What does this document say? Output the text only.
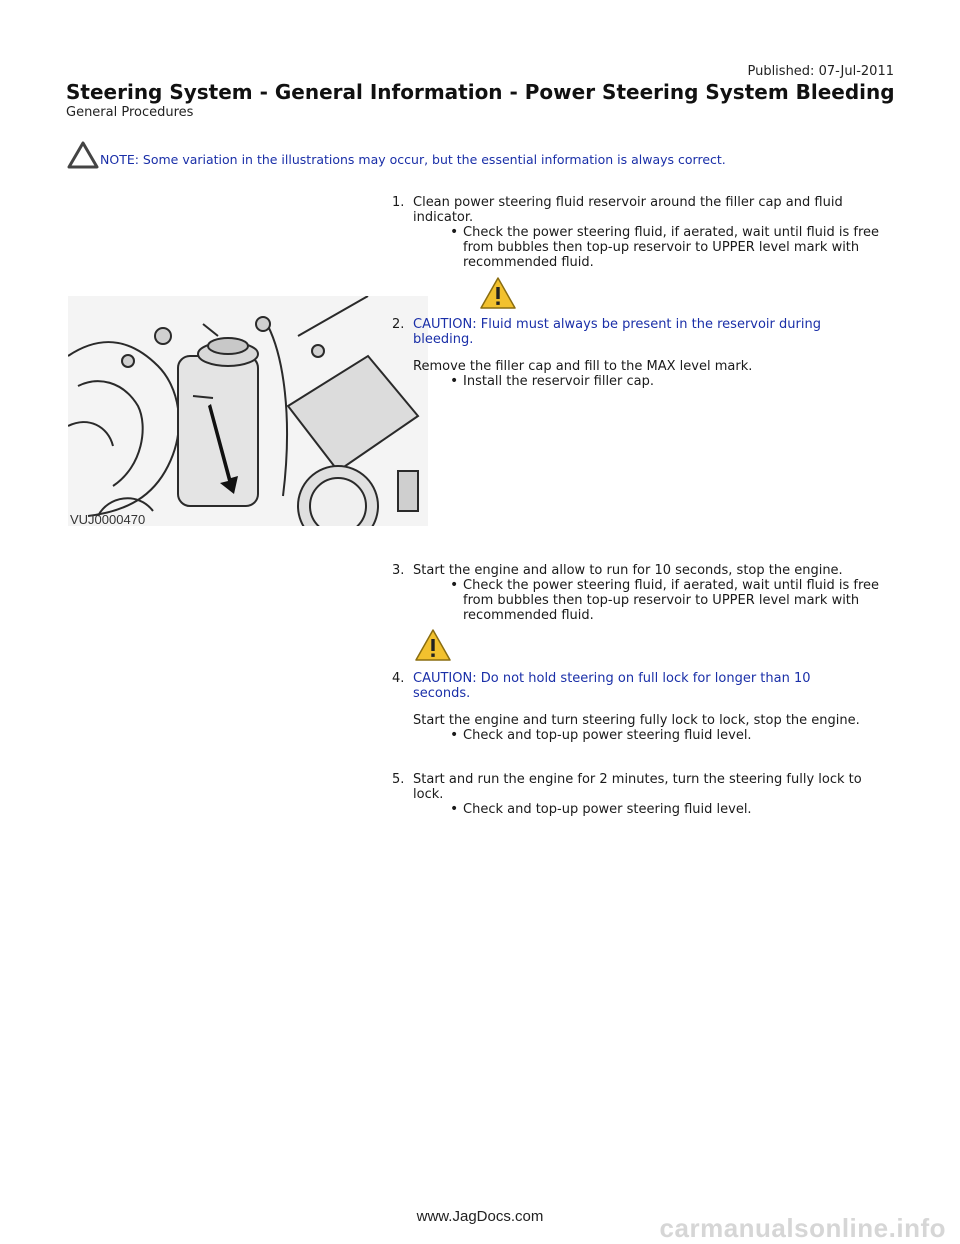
Published: 07-Jul-2011
Steering System - General Information - Power Steering System Bleeding
General Procedures
NOTE: Some variation in the illustrations may occur, but the essential information is always correct.
VUJ0000470
1. Clean power steering fluid reservoir around the filler cap and fluid indicator.
• Check the power steering fluid, if aerated, wait until fluid is free from bubbles then top-up reservoir to UPPER level mark with recommended fluid.
2. CAUTION: Fluid must always be present in the reservoir during bleeding.
Remove the filler cap and fill to the MAX level mark.
• Install the reservoir filler cap.
3. Start the engine and allow to run for 10 seconds, stop the engine.
• Check the power steering fluid, if aerated, wait until fluid is free from bubbles then top-up reservoir to UPPER level mark with recommended fluid.
4. CAUTION: Do not hold steering on full lock for longer than 10 seconds.
Start the engine and turn steering fully lock to lock, stop the engine.
• Check and top-up power steering fluid level.
5. Start and run the engine for 2 minutes, turn the steering fully lock to lock.
• Check and top-up power steering fluid level.
www.JagDocs.com	carmanualsonline.info
